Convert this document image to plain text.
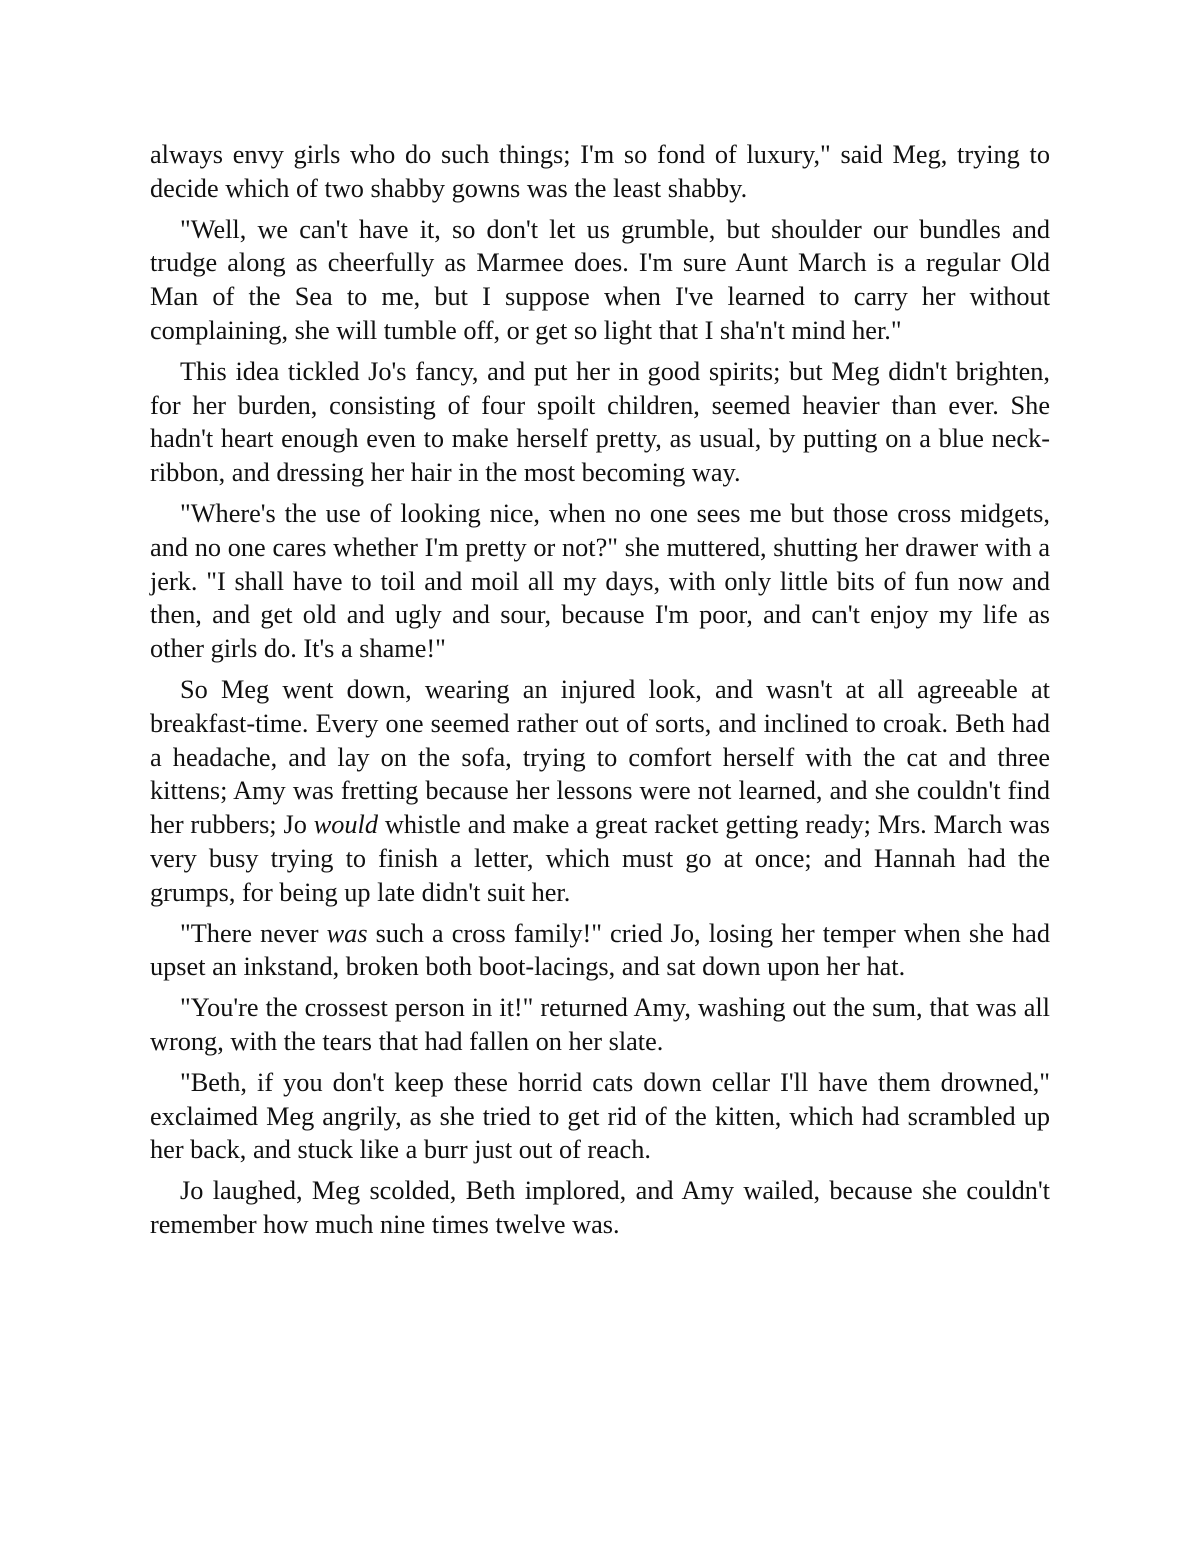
always envy girls who do such things; I'm so fond of luxury," said Meg, trying to decide which of two shabby gowns was the least shabby.

"Well, we can't have it, so don't let us grumble, but shoulder our bundles and trudge along as cheerfully as Marmee does. I'm sure Aunt March is a regular Old Man of the Sea to me, but I suppose when I've learned to carry her without complaining, she will tumble off, or get so light that I sha'n't mind her."

This idea tickled Jo's fancy, and put her in good spirits; but Meg didn't brighten, for her burden, consisting of four spoilt children, seemed heavier than ever. She hadn't heart enough even to make herself pretty, as usual, by putting on a blue neck-ribbon, and dressing her hair in the most becoming way.

"Where's the use of looking nice, when no one sees me but those cross midgets, and no one cares whether I'm pretty or not?" she muttered, shutting her drawer with a jerk. "I shall have to toil and moil all my days, with only little bits of fun now and then, and get old and ugly and sour, because I'm poor, and can't enjoy my life as other girls do. It's a shame!"

So Meg went down, wearing an injured look, and wasn't at all agreeable at breakfast-time. Every one seemed rather out of sorts, and inclined to croak. Beth had a headache, and lay on the sofa, trying to comfort herself with the cat and three kittens; Amy was fretting because her lessons were not learned, and she couldn't find her rubbers; Jo would whistle and make a great racket getting ready; Mrs. March was very busy trying to finish a letter, which must go at once; and Hannah had the grumps, for being up late didn't suit her.

"There never was such a cross family!" cried Jo, losing her temper when she had upset an inkstand, broken both boot-lacings, and sat down upon her hat.

"You're the crossest person in it!" returned Amy, washing out the sum, that was all wrong, with the tears that had fallen on her slate.

"Beth, if you don't keep these horrid cats down cellar I'll have them drowned," exclaimed Meg angrily, as she tried to get rid of the kitten, which had scrambled up her back, and stuck like a burr just out of reach.

Jo laughed, Meg scolded, Beth implored, and Amy wailed, because she couldn't remember how much nine times twelve was.
